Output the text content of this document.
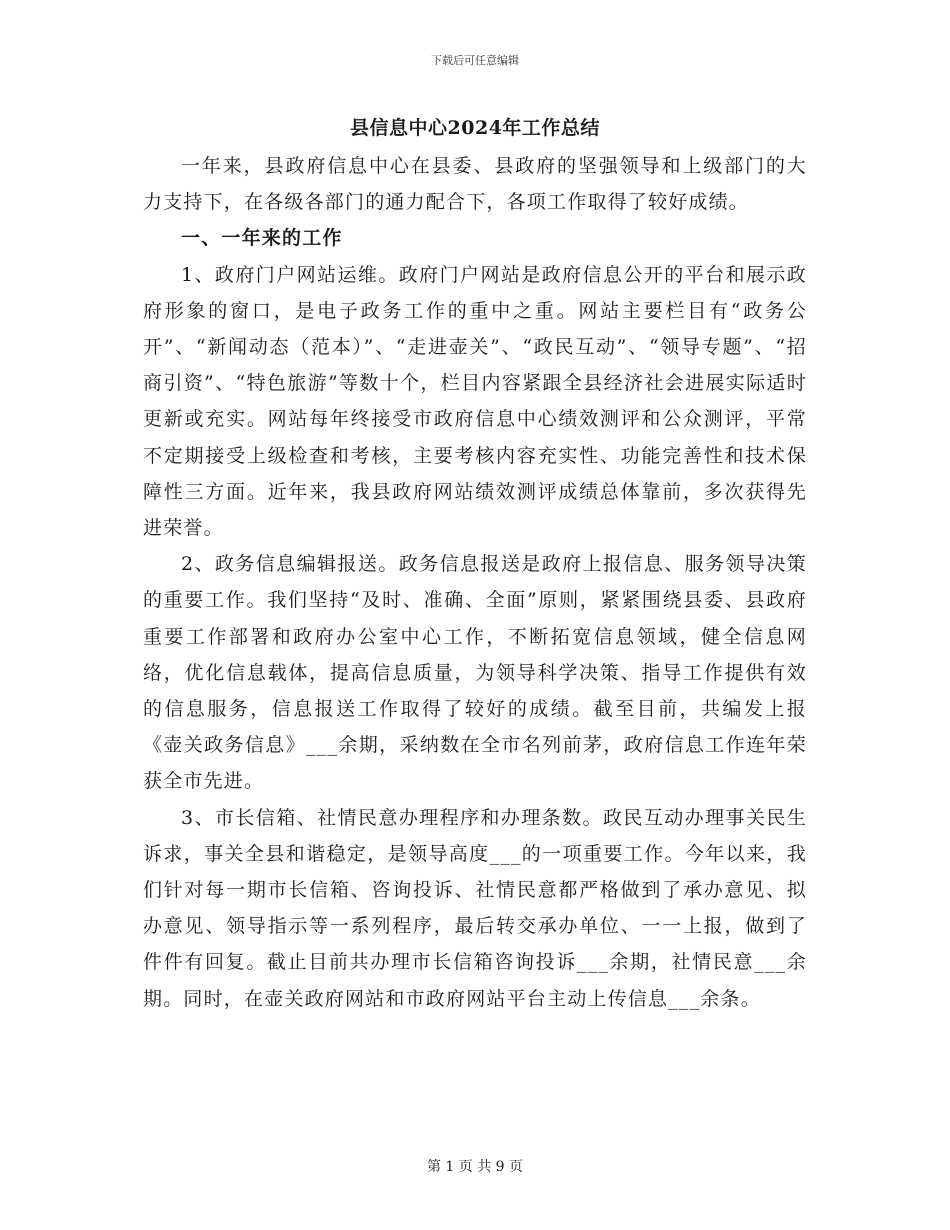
下载后可任意编辑
县信息中心2024年工作总结

一年来，县政府信息中心在县委、县政府的坚强领导和上级部门的大力支持下，在各级各部门的通力配合下，各项工作取得了较好成绩。

一、一年来的工作

1、政府门户网站运维。政府门户网站是政府信息公开的平台和展示政府形象的窗口，是电子政务工作的重中之重。网站主要栏目有“政务公开”、“新闻动态（范本）”、“走进壶关”、“政民互动”、“领导专题”、“招商引资”、“特色旅游”等数十个，栏目内容紧跟全县经济社会进展实际适时更新或充实。网站每年终接受市政府信息中心绩效测评和公众测评，平常不定期接受上级检查和考核，主要考核内容充实性、功能完善性和技术保障性三方面。近年来，我县政府网站绩效测评成绩总体靠前，多次获得先进荣誉。

2、政务信息编辑报送。政务信息报送是政府上报信息、服务领导决策的重要工作。我们坚持“及时、准确、全面”原则，紧紧围绕县委、县政府重要工作部署和政府办公室中心工作，不断拓宽信息领域，健全信息网络，优化信息载体，提高信息质量，为领导科学决策、指导工作提供有效的信息服务，信息报送工作取得了较好的成绩。截至目前，共编发上报《壶关政务信息》___余期，采纳数在全市名列前茅，政府信息工作连年荣获全市先进。

3、市长信箱、社情民意办理程序和办理条数。政民互动办理事关民生诉求，事关全县和谐稳定，是领导高度___的一项重要工作。今年以来，我们针对每一期市长信箱、咨询投诉、社情民意都严格做到了承办意见、拟办意见、领导指示等一系列程序，最后转交承办单位、一一上报，做到了件件有回复。截止目前共办理市长信箱咨询投诉___余期，社情民意___余期。同时，在壶关政府网站和市政府网站平台主动上传信息___余条。

第 1 页 共 9 页
